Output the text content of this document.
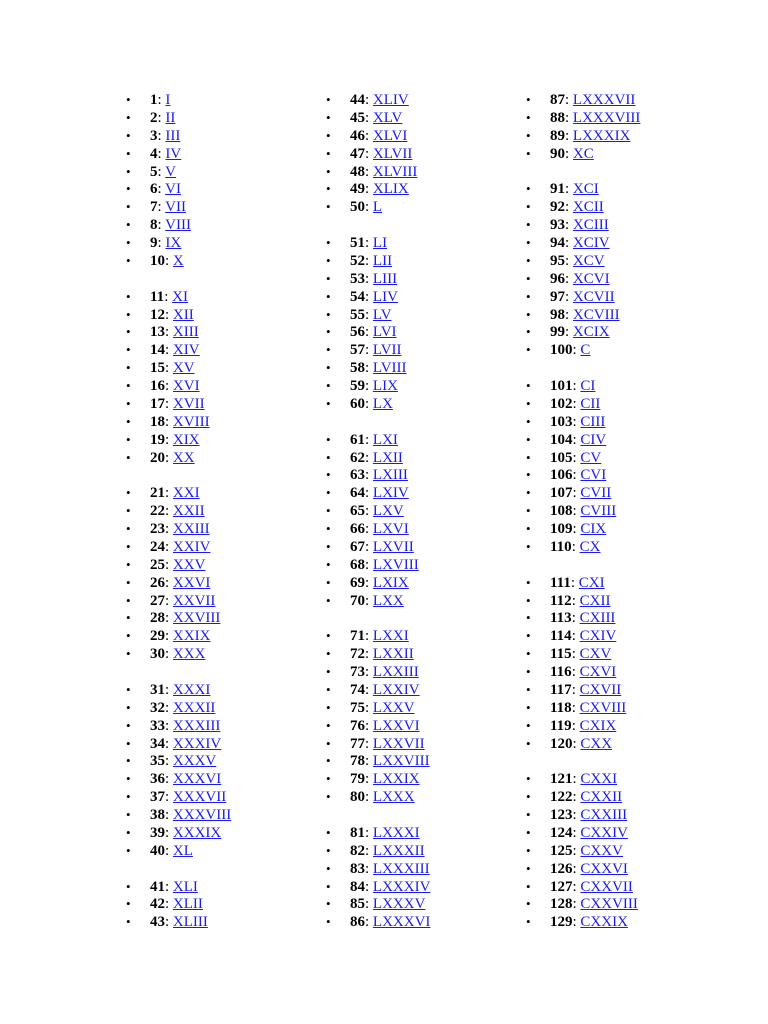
• 1: I
• 2: II
• 3: III
• 4: IV
• 5: V
• 6: VI
• 7: VII
• 8: VIII
• 9: IX
• 10: X
• 11: XI
• 12: XII
• 13: XIII
• 14: XIV
• 15: XV
• 16: XVI
• 17: XVII
• 18: XVIII
• 19: XIX
• 20: XX
• 21: XXI
• 22: XXII
• 23: XXIII
• 24: XXIV
• 25: XXV
• 26: XXVI
• 27: XXVII
• 28: XXVIII
• 29: XXIX
• 30: XXX
• 31: XXXI
• 32: XXXII
• 33: XXXIII
• 34: XXXIV
• 35: XXXV
• 36: XXXVI
• 37: XXXVII
• 38: XXXVIII
• 39: XXXIX
• 40: XL
• 41: XLI
• 42: XLII
• 43: XLIII
• 44: XLIV
• 45: XLV
• 46: XLVI
• 47: XLVII
• 48: XLVIII
• 49: XLIX
• 50: L
• 51: LI
• 52: LII
• 53: LIII
• 54: LIV
• 55: LV
• 56: LVI
• 57: LVII
• 58: LVIII
• 59: LIX
• 60: LX
• 61: LXI
• 62: LXII
• 63: LXIII
• 64: LXIV
• 65: LXV
• 66: LXVI
• 67: LXVII
• 68: LXVIII
• 69: LXIX
• 70: LXX
• 71: LXXI
• 72: LXXII
• 73: LXXIII
• 74: LXXIV
• 75: LXXV
• 76: LXXVI
• 77: LXXVII
• 78: LXXVIII
• 79: LXXIX
• 80: LXXX
• 81: LXXXI
• 82: LXXXII
• 83: LXXXIII
• 84: LXXXIV
• 85: LXXXV
• 86: LXXXVI
• 87: LXXXVII
• 88: LXXXVIII
• 89: LXXXIX
• 90: XC
• 91: XCI
• 92: XCII
• 93: XCIII
• 94: XCIV
• 95: XCV
• 96: XCVI
• 97: XCVII
• 98: XCVIII
• 99: XCIX
• 100: C
• 101: CI
• 102: CII
• 103: CIII
• 104: CIV
• 105: CV
• 106: CVI
• 107: CVII
• 108: CVIII
• 109: CIX
• 110: CX
• 111: CXI
• 112: CXII
• 113: CXIII
• 114: CXIV
• 115: CXV
• 116: CXVI
• 117: CXVII
• 118: CXVIII
• 119: CXIX
• 120: CXX
• 121: CXXI
• 122: CXXII
• 123: CXXIII
• 124: CXXIV
• 125: CXXV
• 126: CXXVI
• 127: CXXVII
• 128: CXXVIII
• 129: CXXIX
